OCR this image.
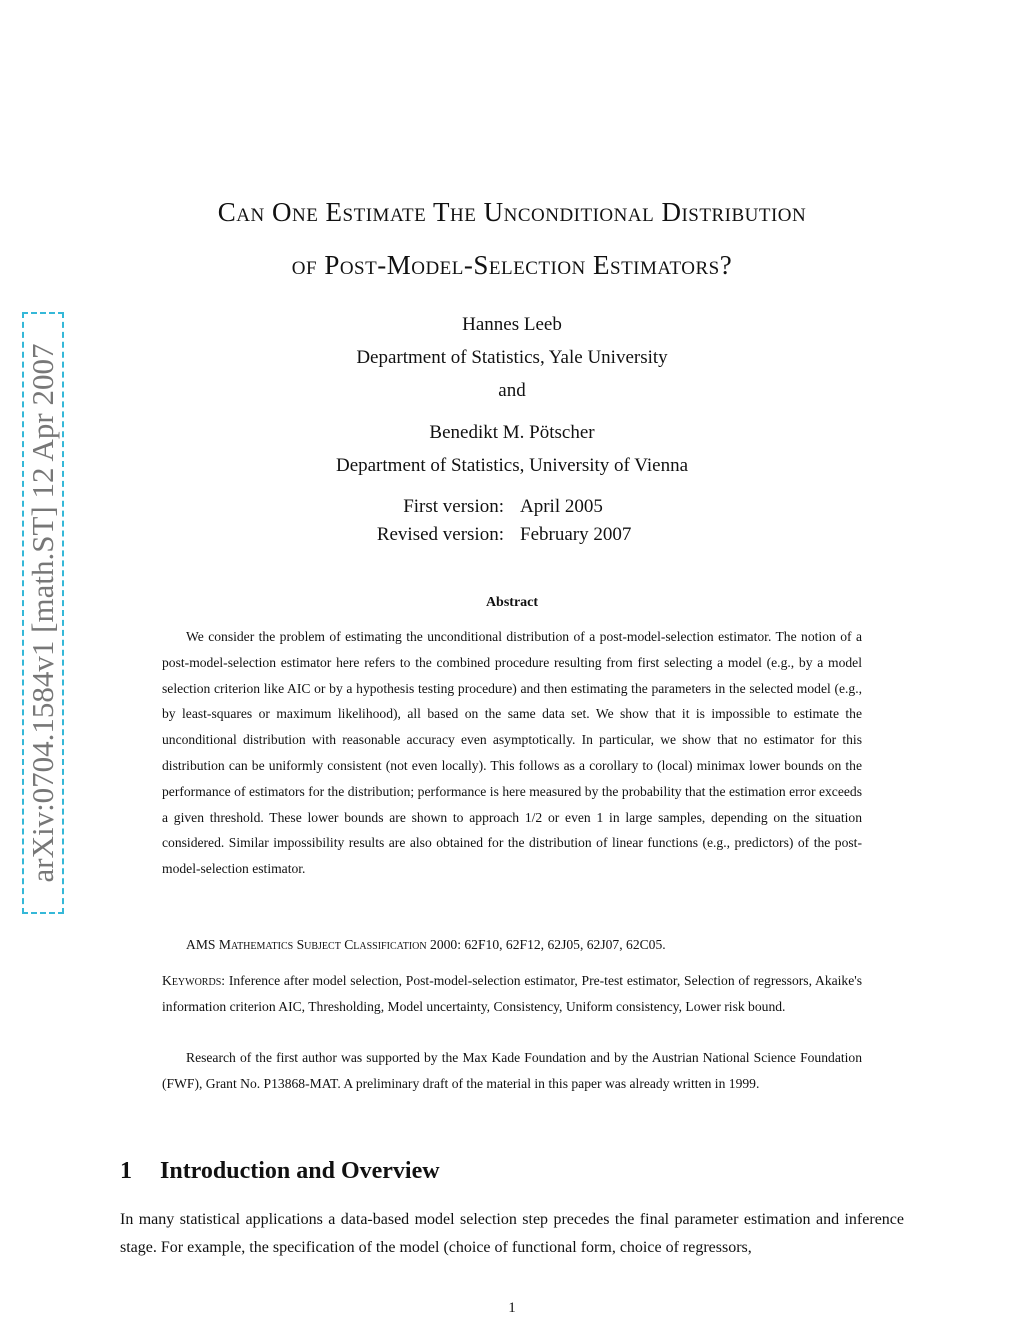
arXiv:0704.1584v1 [math.ST] 12 Apr 2007
Can One Estimate The Unconditional Distribution
of Post-Model-Selection Estimators?
Hannes Leeb
Department of Statistics, Yale University
and
Benedikt M. Pötscher
Department of Statistics, University of Vienna
First version: April 2005
Revised version: February 2007
Abstract
We consider the problem of estimating the unconditional distribution of a post-model-selection estimator. The notion of a post-model-selection estimator here refers to the combined procedure resulting from first selecting a model (e.g., by a model selection criterion like AIC or by a hypothesis testing procedure) and then estimating the parameters in the selected model (e.g., by least-squares or maximum likelihood), all based on the same data set. We show that it is impossible to estimate the unconditional distribution with reasonable accuracy even asymptotically. In particular, we show that no estimator for this distribution can be uniformly consistent (not even locally). This follows as a corollary to (local) minimax lower bounds on the performance of estimators for the distribution; performance is here measured by the probability that the estimation error exceeds a given threshold. These lower bounds are shown to approach 1/2 or even 1 in large samples, depending on the situation considered. Similar impossibility results are also obtained for the distribution of linear functions (e.g., predictors) of the post-model-selection estimator.
AMS Mathematics Subject Classification 2000: 62F10, 62F12, 62J05, 62J07, 62C05.
Keywords: Inference after model selection, Post-model-selection estimator, Pre-test estimator, Selection of regressors, Akaike's information criterion AIC, Thresholding, Model uncertainty, Consistency, Uniform consistency, Lower risk bound.
Research of the first author was supported by the Max Kade Foundation and by the Austrian National Science Foundation (FWF), Grant No. P13868-MAT. A preliminary draft of the material in this paper was already written in 1999.
1 Introduction and Overview
In many statistical applications a data-based model selection step precedes the final parameter estimation and inference stage. For example, the specification of the model (choice of functional form, choice of regressors,
1
